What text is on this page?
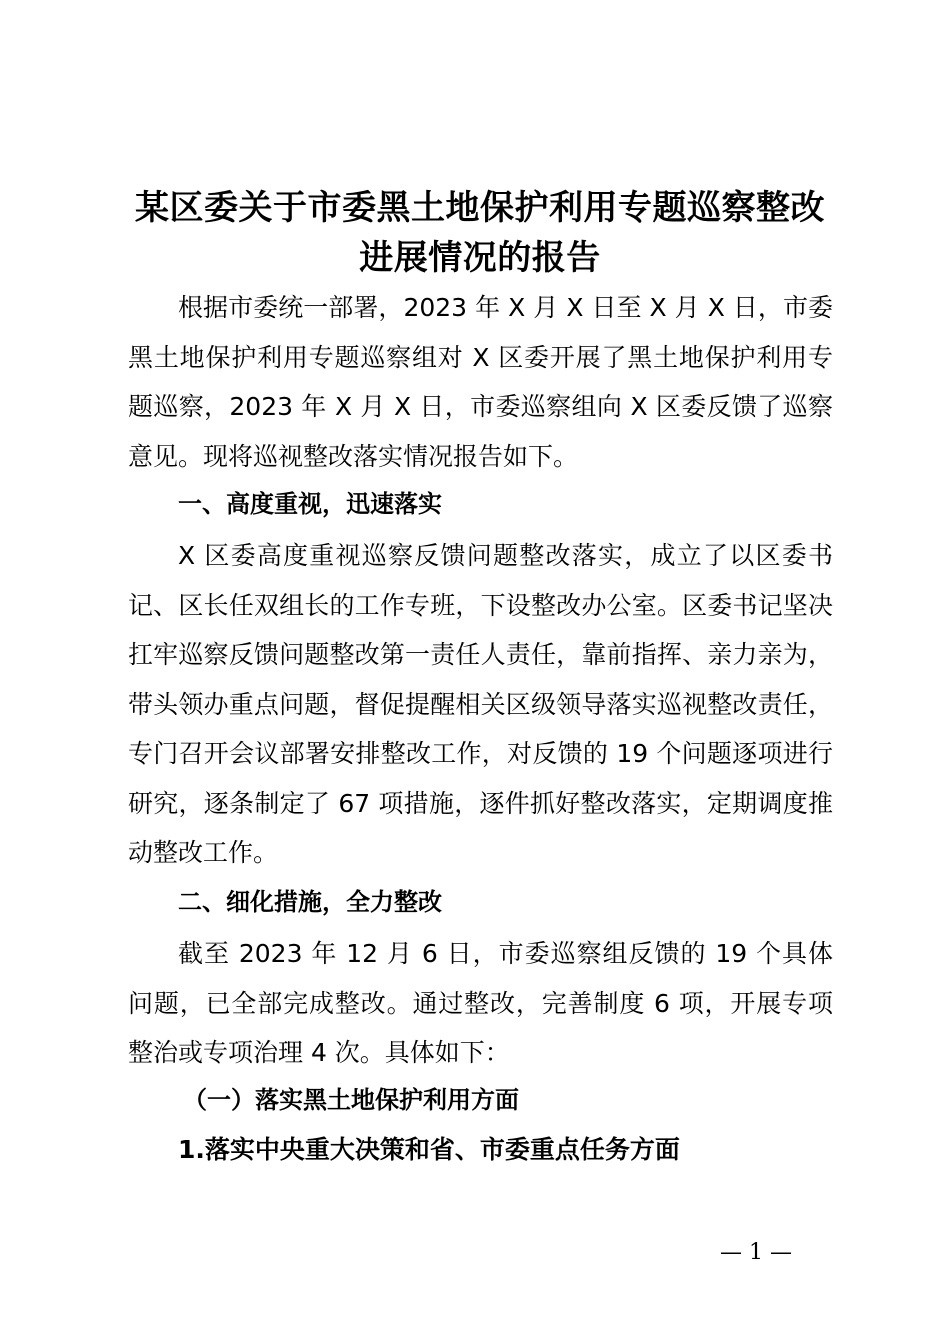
某区委关于市委黑土地保护利用专题巡察整改
进展情况的报告

根据市委统一部署，2023 年 X 月 X 日至 X 月 X 日，市委黑土地保护利用专题巡察组对 X 区委开展了黑土地保护利用专题巡察，2023 年 X 月 X 日，市委巡察组向 X 区委反馈了巡察意见。现将巡视整改落实情况报告如下。

一、高度重视，迅速落实

X 区委高度重视巡察反馈问题整改落实，成立了以区委书记、区长任双组长的工作专班，下设整改办公室。区委书记坚决扛牢巡察反馈问题整改第一责任人责任，靠前指挥、亲力亲为，带头领办重点问题，督促提醒相关区级领导落实巡视整改责任，专门召开会议部署安排整改工作，对反馈的 19 个问题逐项进行研究，逐条制定了 67 项措施，逐件抓好整改落实，定期调度推动整改工作。

二、细化措施，全力整改

截至 2023 年 12 月 6 日，市委巡察组反馈的 19 个具体问题，已全部完成整改。通过整改，完善制度 6 项，开展专项整治或专项治理 4 次。具体如下：

（一）落实黑土地保护利用方面
1.落实中央重大决策和省、市委重点任务方面
— 1 —
